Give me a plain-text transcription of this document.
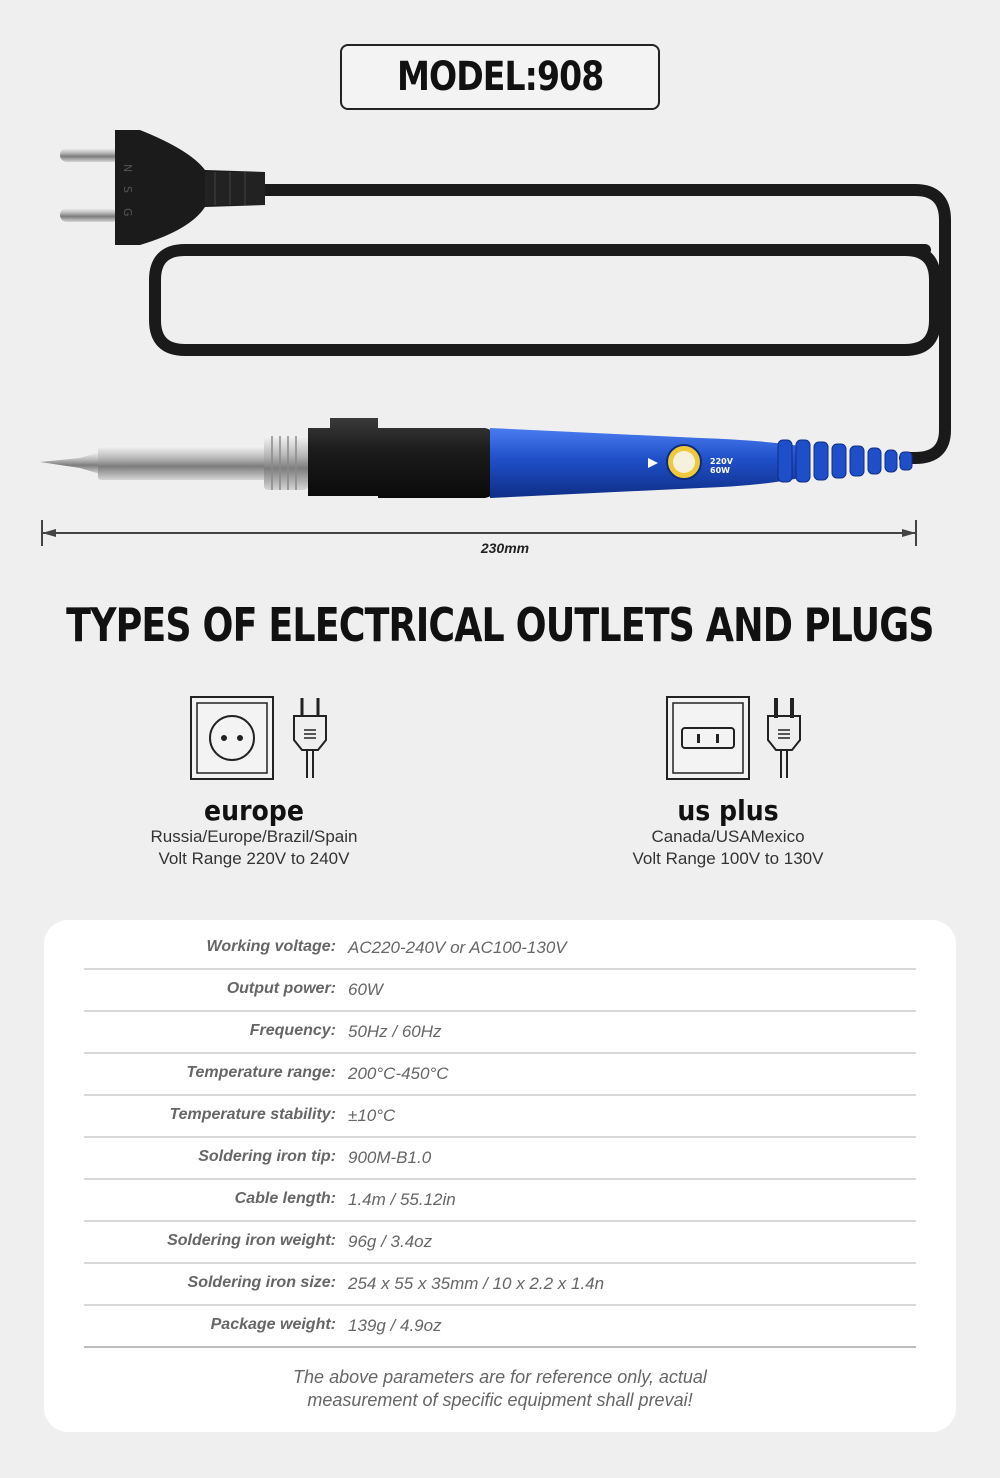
MODEL:908
N
S
G
220V
60W
230mm
TYPES OF ELECTRICAL OUTLETS AND PLUGS
europe
Russia/Europe/Brazil/Spain
Volt Range 220V to 240V
us plus
Canada/USAMexico
Volt Range 100V to 130V
Working voltage: AC220-240V or AC100-130V
Output power: 60W
Frequency: 50Hz / 60Hz
Temperature range: 200°C-450°C
Temperature stability: ±10°C
Soldering iron tip: 900M-B1.0
Cable length: 1.4m / 55.12in
Soldering iron weight: 96g / 3.4oz
Soldering iron size: 254 x 55 x 35mm / 10 x 2.2 x 1.4n
Package weight: 139g / 4.9oz
The above parameters are for reference only, actual
measurement of specific equipment shall prevai!
